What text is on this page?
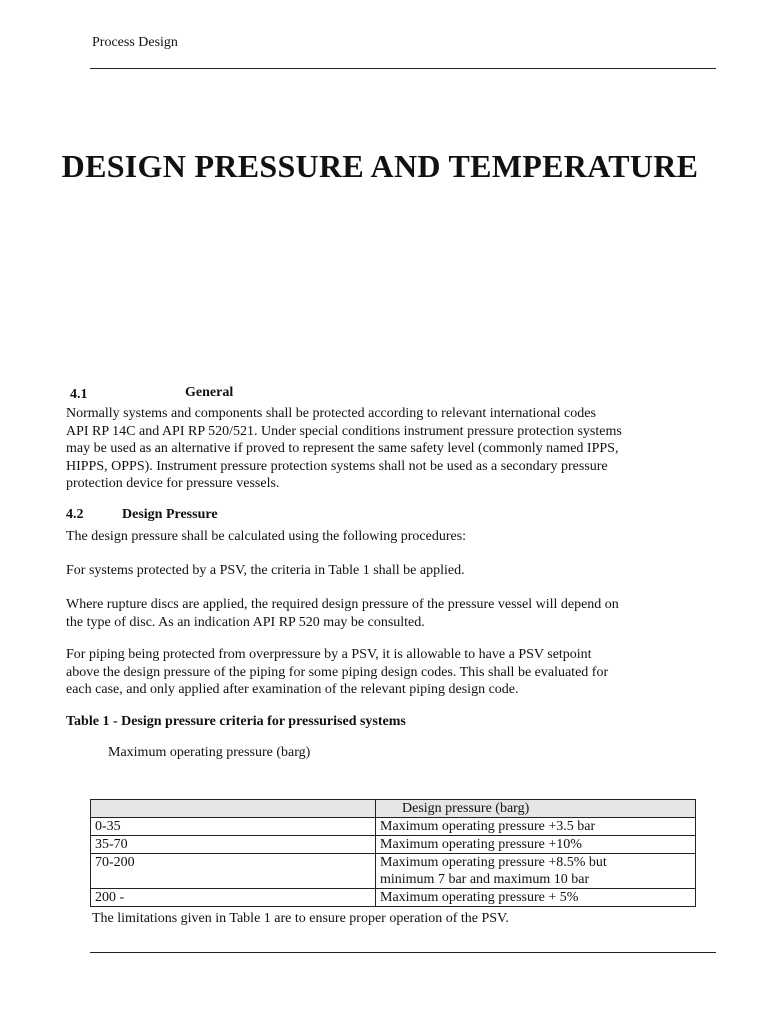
Process Design
DESIGN PRESSURE AND TEMPERATURE
4.1	General
Normally systems and components shall be protected according to relevant international codes
API RP 14C and API RP 520/521. Under special conditions instrument pressure protection systems
may be used as an alternative if proved to represent the same safety level (commonly named IPPS,
HIPPS, OPPS). Instrument pressure protection systems shall not be used as a secondary pressure
protection device for pressure vessels.
4.2	Design Pressure
The design pressure shall be calculated using the following procedures:
For systems protected by a PSV, the criteria in Table 1 shall be applied.
Where rupture discs are applied, the required design pressure of the pressure vessel will depend on
the type of disc. As an indication API RP 520 may be consulted.
For piping being protected from overpressure by a PSV, it is allowable to have a PSV setpoint
above the design pressure of the piping for some piping design codes. This shall be evaluated for
each case, and only applied after examination of the relevant piping design code.
Table 1 - Design pressure criteria for pressurised systems
Maximum operating pressure (barg)
	Design pressure (barg)
0-35	Maximum operating pressure +3.5 bar
35-70	Maximum operating pressure +10%
70-200	Maximum operating pressure +8.5% but
minimum 7 bar and maximum 10 bar

200 -	Maximum operating pressure + 5%
The limitations given in Table 1 are to ensure proper operation of the PSV.
